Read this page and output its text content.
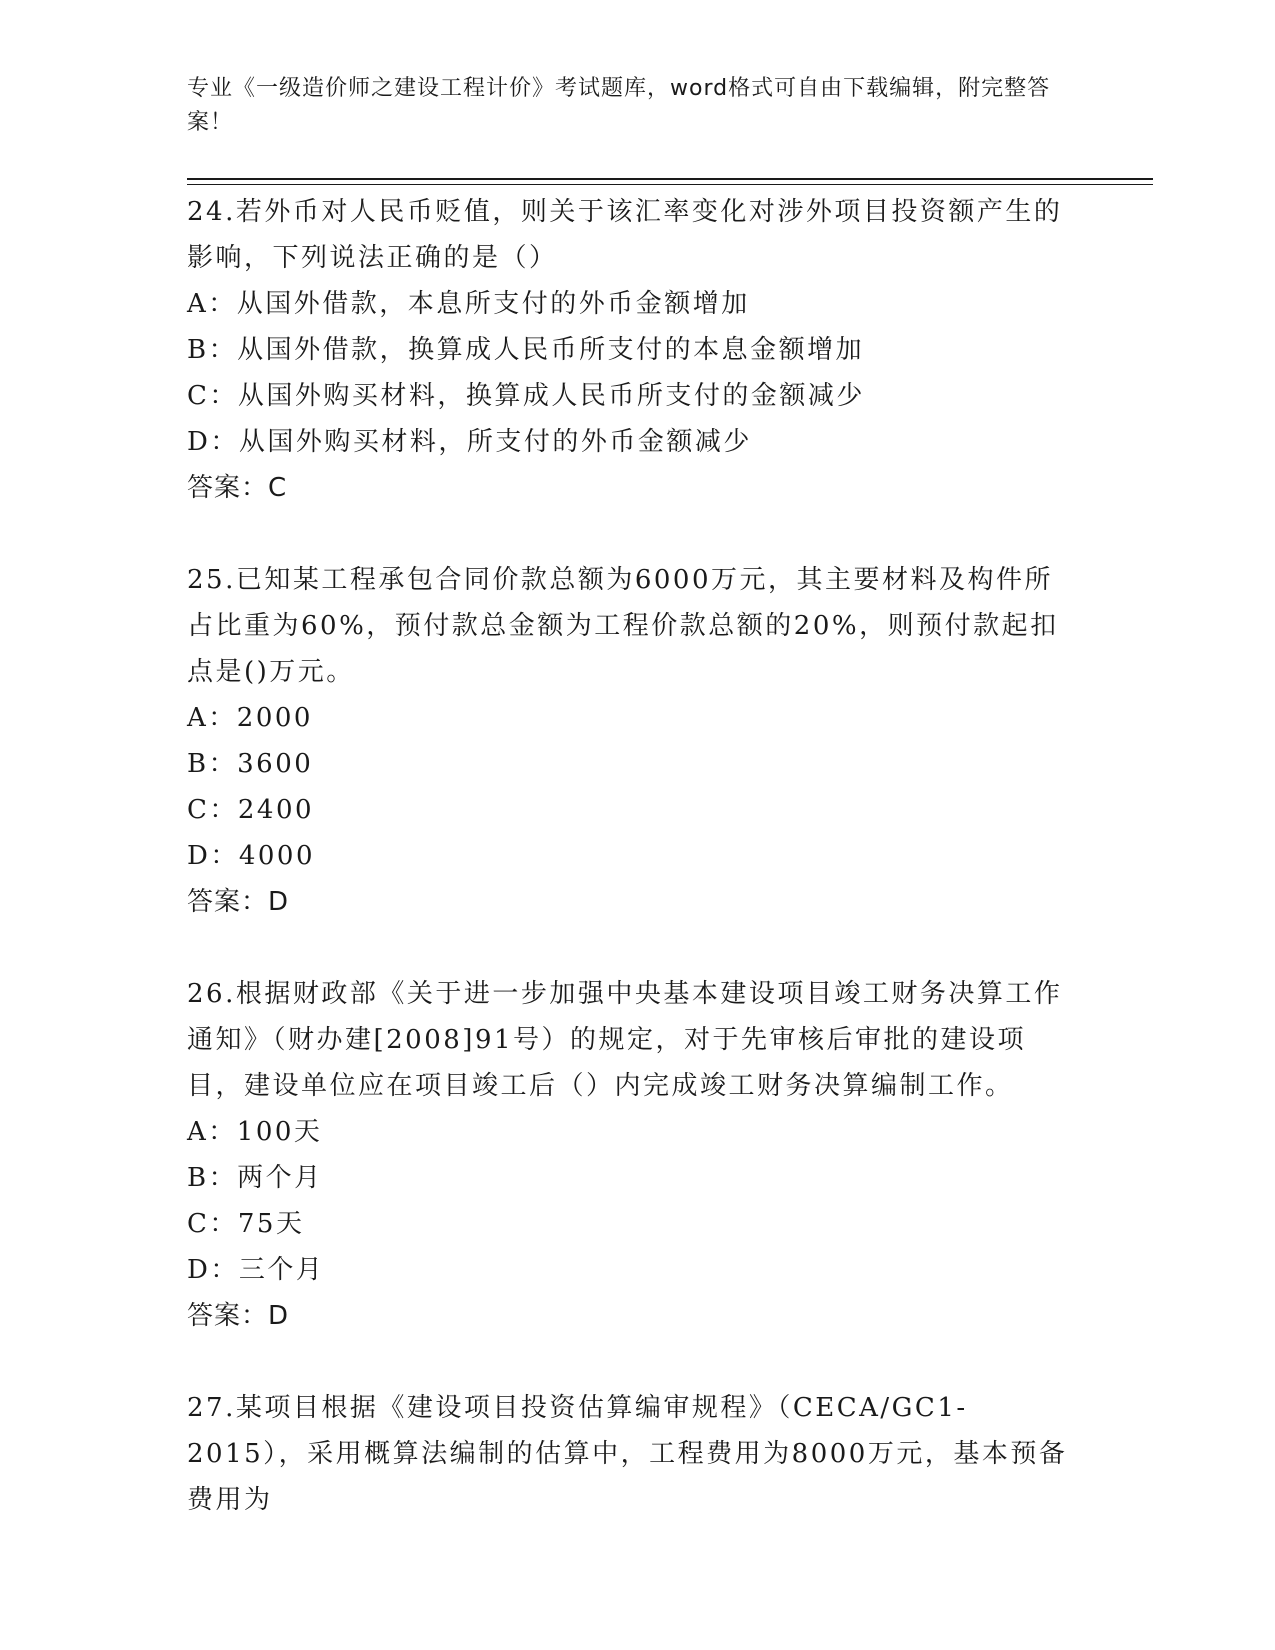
专业《一级造价师之建设工程计价》考试题库，word格式可自由下载编辑，附完整答案！
24.若外币对人民币贬值，则关于该汇率变化对涉外项目投资额产生的影响，下列说法正确的是（）
A：从国外借款，本息所支付的外币金额增加
B：从国外借款，换算成人民币所支付的本息金额增加
C：从国外购买材料，换算成人民币所支付的金额减少
D：从国外购买材料，所支付的外币金额减少
答案：C
25.已知某工程承包合同价款总额为6000万元，其主要材料及构件所占比重为60%，预付款总金额为工程价款总额的20%，则预付款起扣点是()万元。
A：2000
B：3600
C：2400
D：4000
答案：D
26.根据财政部《关于进一步加强中央基本建设项目竣工财务决算工作通知》（财办建[2008]91号）的规定，对于先审核后审批的建设项目，建设单位应在项目竣工后（）内完成竣工财务决算编制工作。
A：100天
B：两个月
C：75天
D：三个月
答案：D
27.某项目根据《建设项目投资估算编审规程》（CECA/GC1-2015），采用概算法编制的估算中，工程费用为8000万元，基本预备费用为
